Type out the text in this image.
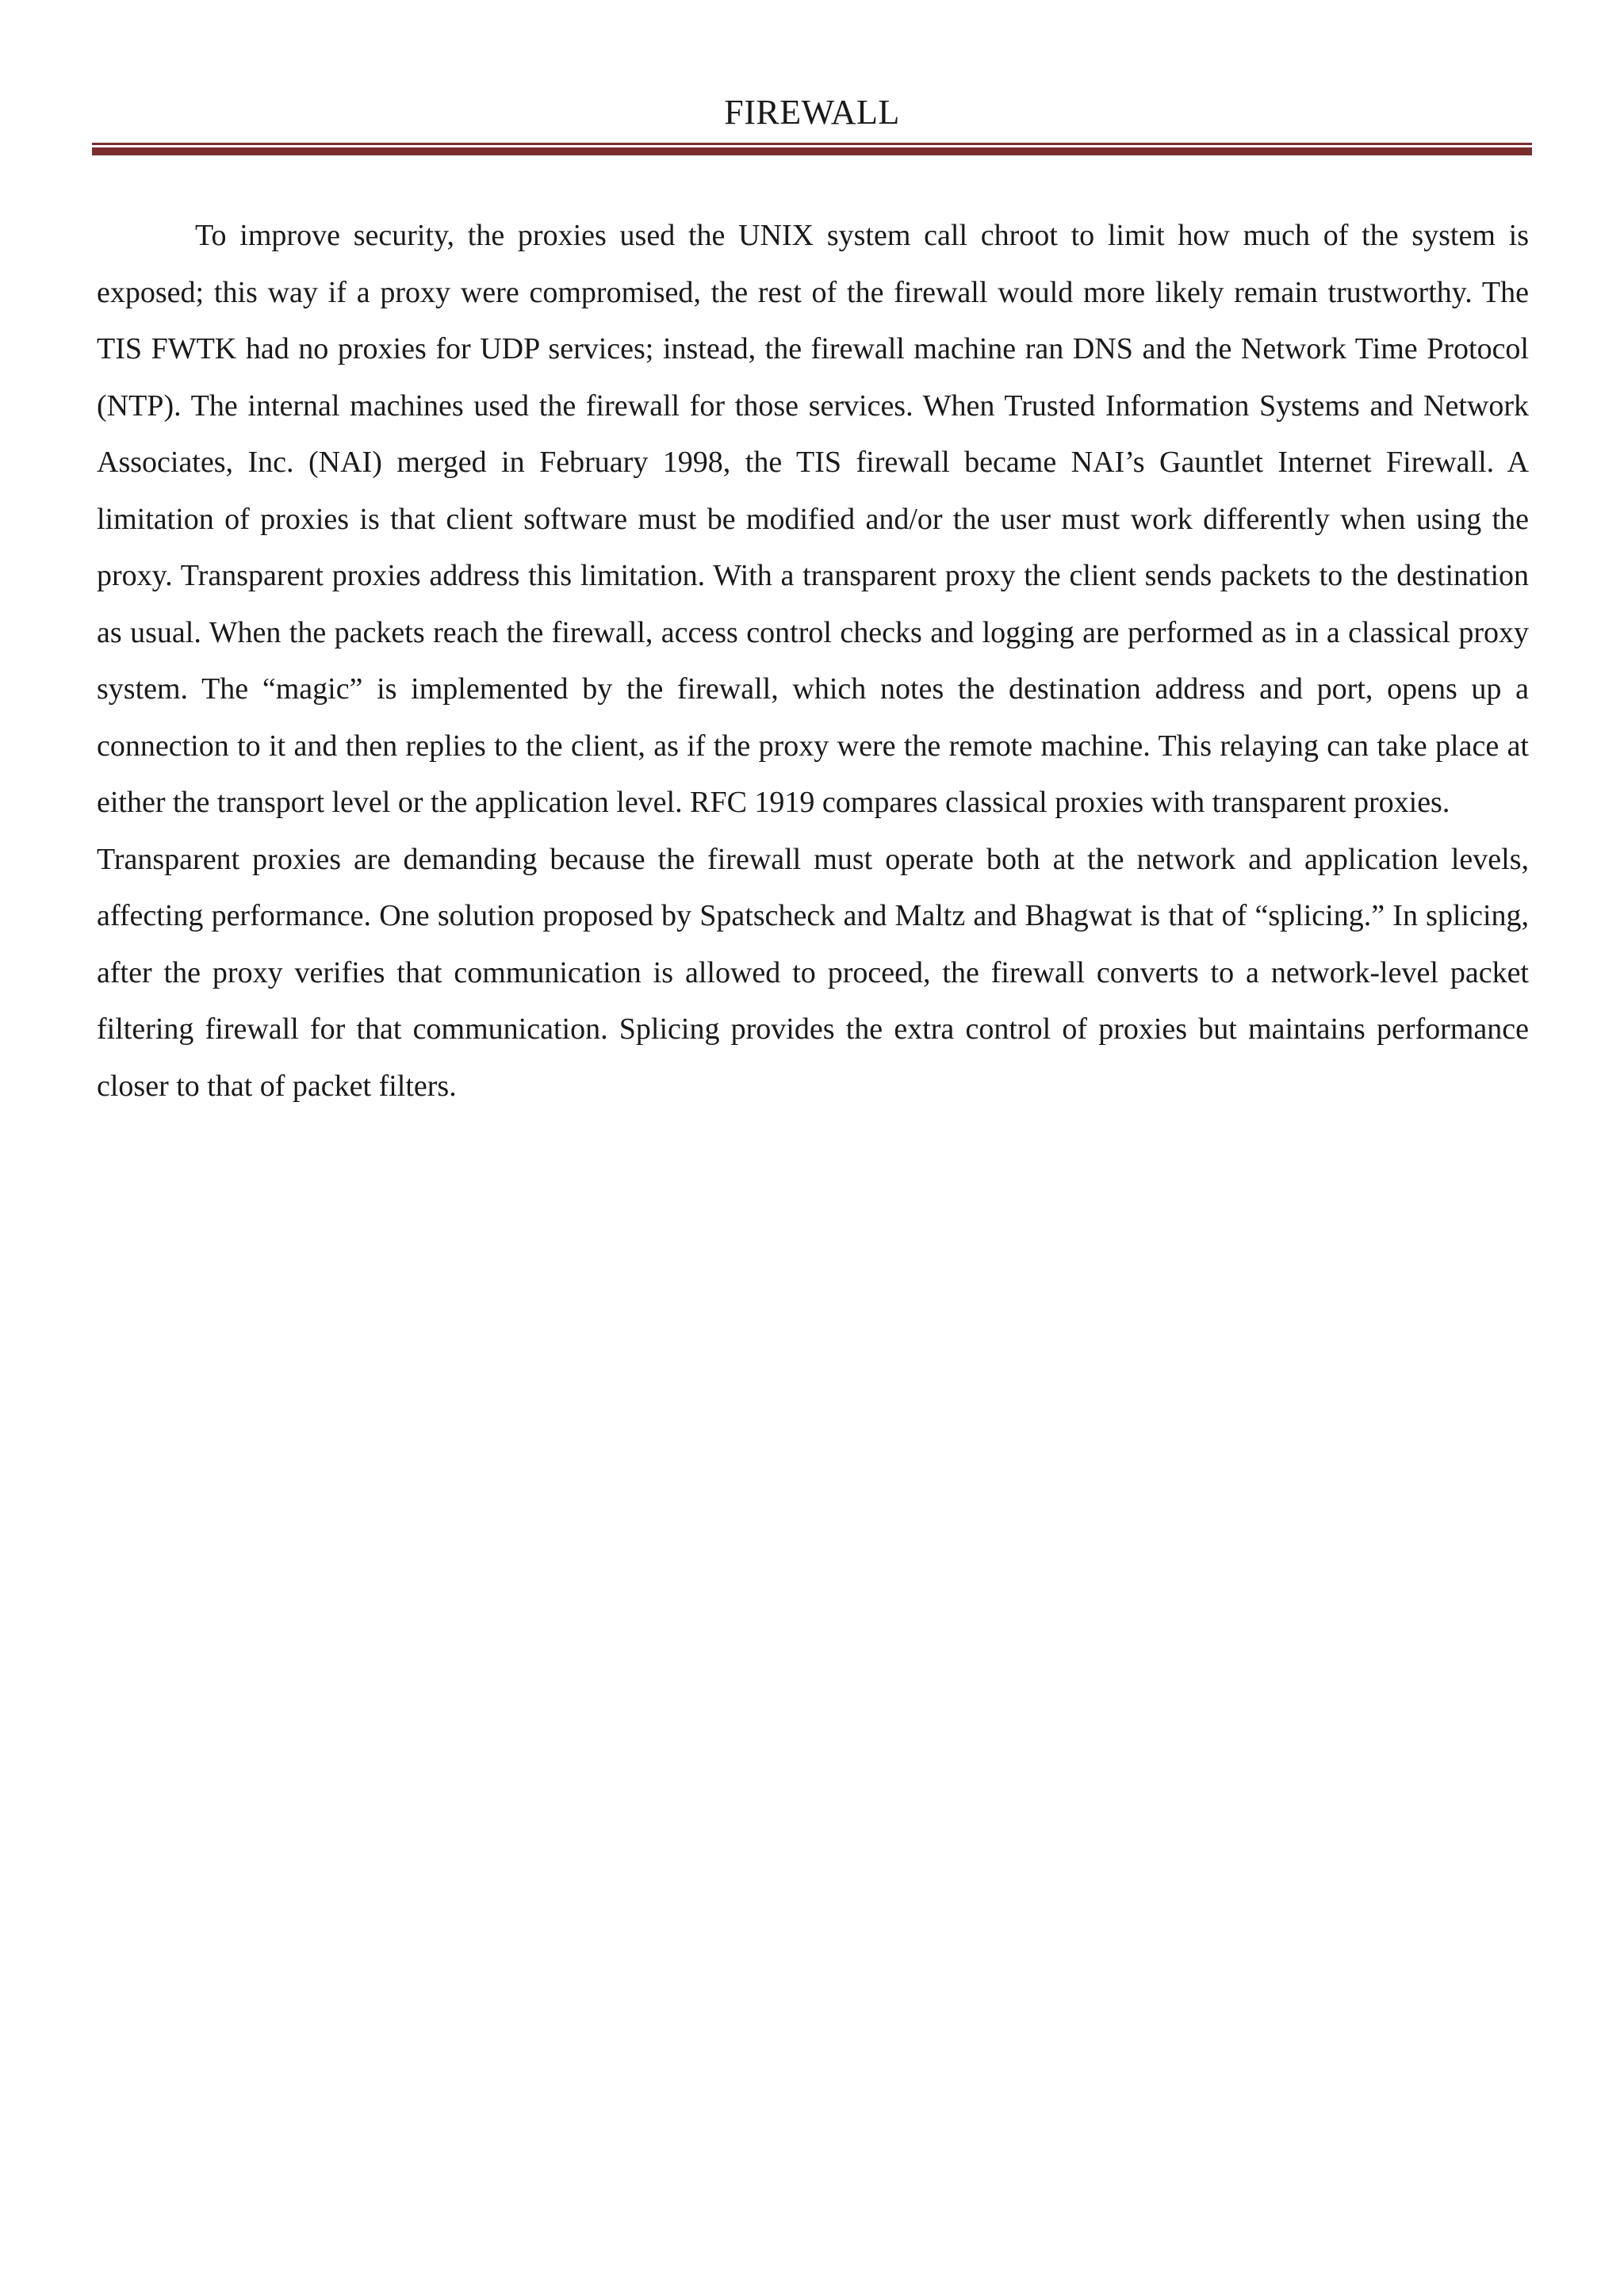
FIREWALL

To improve security, the proxies used the UNIX system call chroot to limit how much of the system is exposed; this way if a proxy were compromised, the rest of the firewall would more likely remain trustworthy. The TIS FWTK had no proxies for UDP services; instead, the firewall machine ran DNS and the Network Time Protocol (NTP). The internal machines used the firewall for those services. When Trusted Information Systems and Network Associates, Inc. (NAI) merged in February 1998, the TIS firewall became NAI’s Gauntlet Internet Firewall. A limitation of proxies is that client software must be modified and/or the user must work differently when using the proxy. Transparent proxies address this limitation. With a transparent proxy the client sends packets to the destination as usual. When the packets reach the firewall, access control checks and logging are performed as in a classical proxy system. The “magic” is implemented by the firewall, which notes the destination address and port, opens up a connection to it and then replies to the client, as if the proxy were the remote machine. This relaying can take place at either the transport level or the application level. RFC 1919 compares classical proxies with transparent proxies.

Transparent proxies are demanding because the firewall must operate both at the network and application levels, affecting performance. One solution proposed by Spatscheck and Maltz and Bhagwat is that of “splicing.” In splicing, after the proxy verifies that communication is allowed to proceed, the firewall converts to a network-level packet filtering firewall for that communication. Splicing provides the extra control of proxies but maintains performance closer to that of packet filters.
